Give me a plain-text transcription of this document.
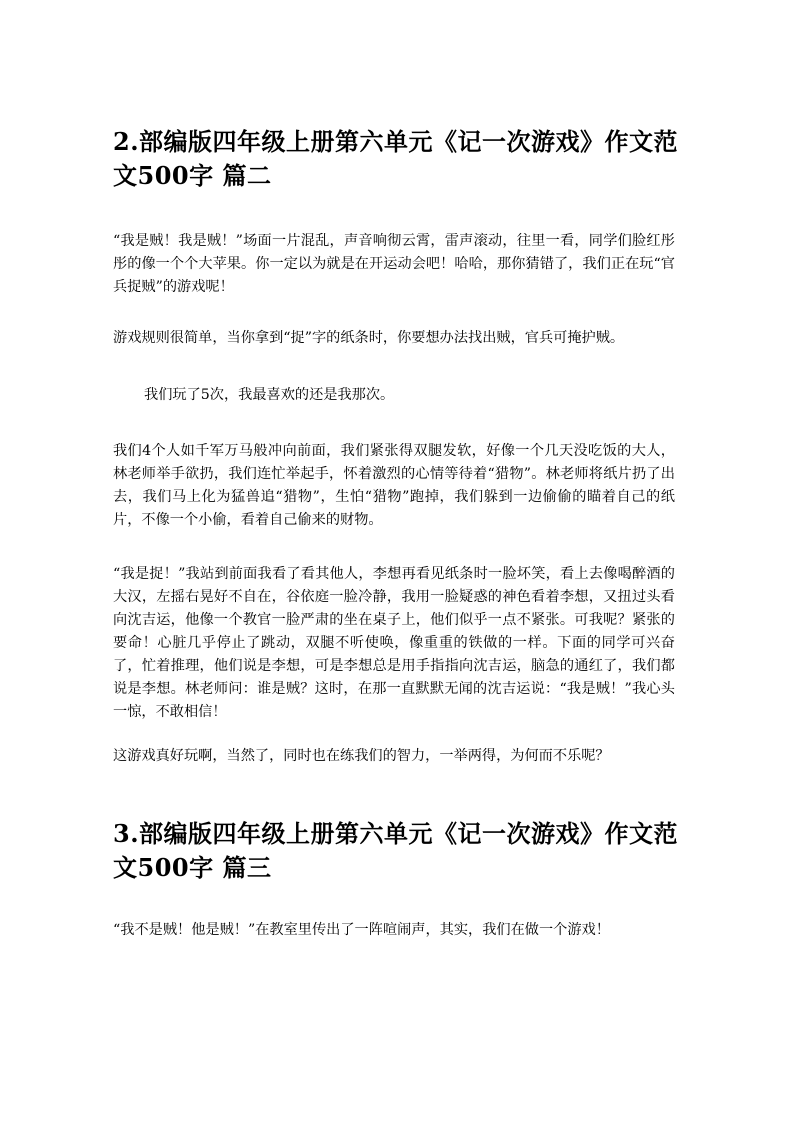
2.部编版四年级上册第六单元《记一次游戏》作文范文500字 篇二

“我是贼！我是贼！”场面一片混乱，声音响彻云霄，雷声滚动，往里一看，同学们脸红彤彤的像一个个大苹果。你一定以为就是在开运动会吧！哈哈，那你猜错了，我们正在玩“官兵捉贼”的游戏呢！

游戏规则很简单，当你拿到“捉”字的纸条时，你要想办法找出贼，官兵可掩护贼。

我们玩了5次，我最喜欢的还是我那次。

我们4个人如千军万马般冲向前面，我们紧张得双腿发软，好像一个几天没吃饭的大人，林老师举手欲扔，我们连忙举起手，怀着激烈的心情等待着“猎物”。林老师将纸片扔了出去，我们马上化为猛兽追“猎物”，生怕“猎物”跑掉，我们躲到一边偷偷的瞄着自己的纸片，不像一个小偷，看着自己偷来的财物。

“我是捉！”我站到前面我看了看其他人，李想再看见纸条时一脸坏笑，看上去像喝醉酒的大汉，左摇右晃好不自在，谷依庭一脸冷静，我用一脸疑惑的神色看着李想，又扭过头看向沈吉运，他像一个教官一脸严肃的坐在桌子上，他们似乎一点不紧张。可我呢？紧张的要命！心脏几乎停止了跳动，双腿不听使唤，像重重的铁做的一样。下面的同学可兴奋了，忙着推理，他们说是李想，可是李想总是用手指指向沈吉运，脑急的通红了，我们都说是李想。林老师问：谁是贼？这时，在那一直默默无闻的沈吉运说：“我是贼！”我心头一惊，不敢相信！

这游戏真好玩啊，当然了，同时也在练我们的智力，一举两得，为何而不乐呢？

3.部编版四年级上册第六单元《记一次游戏》作文范文500字 篇三

“我不是贼！他是贼！”在教室里传出了一阵喧闹声，其实，我们在做一个游戏！
